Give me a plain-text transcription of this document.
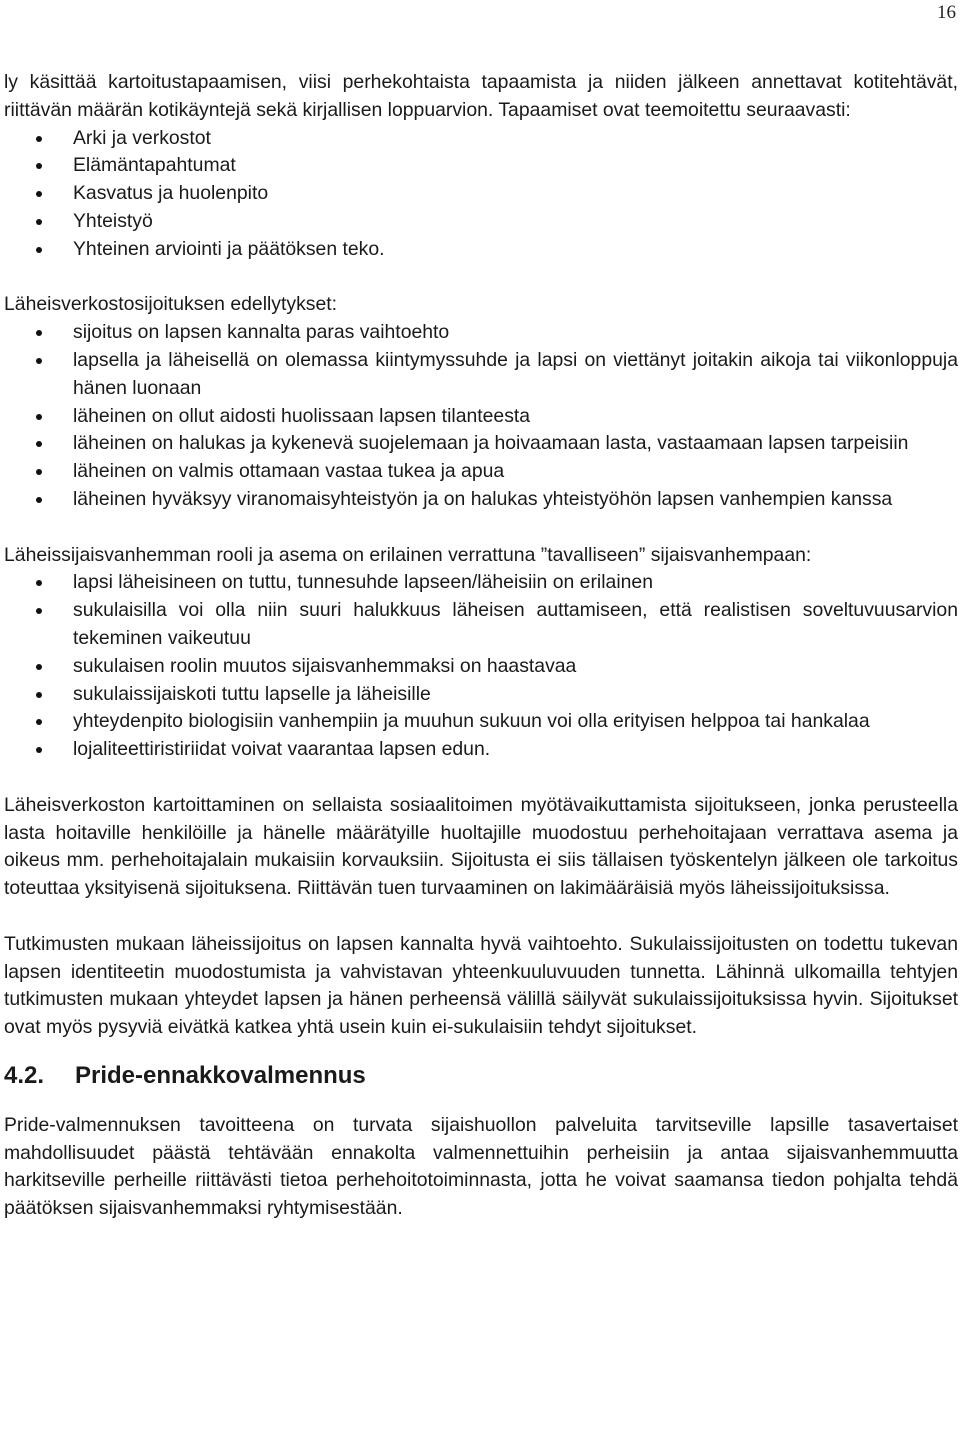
16

ly käsittää kartoitustapaamisen, viisi perhekohtaista tapaamista ja niiden jälkeen annettavat kotitehtävät, riittävän määrän kotikäyntejä sekä kirjallisen loppuarvion. Tapaamiset ovat teemoitettu seuraavasti:

Arki ja verkostot
Elämäntapahtumat
Kasvatus ja huolenpito
Yhteistyö
Yhteinen arviointi ja päätöksen teko.

Läheisverkostosijoituksen edellytykset:

sijoitus on lapsen kannalta paras vaihtoehto
lapsella ja läheisellä on olemassa kiintymyssuhde ja lapsi on viettänyt joitakin aikoja tai viikonloppuja hänen luonaan
läheinen on ollut aidosti huolissaan lapsen tilanteesta
läheinen on halukas ja kykenevä suojelemaan ja hoivaamaan lasta, vastaamaan lapsen tarpeisiin
läheinen on valmis ottamaan vastaa tukea ja apua
läheinen hyväksyy viranomaisyhteistyön ja on halukas yhteistyöhön lapsen vanhempien kanssa

Läheissijaisvanhemman rooli ja asema on erilainen verrattuna ”tavalliseen” sijaisvanhempaan:

lapsi läheisineen on tuttu, tunnesuhde lapseen/läheisiin on erilainen
sukulaisilla voi olla niin suuri halukkuus läheisen auttamiseen, että realistisen soveltuvuusarvion tekeminen vaikeutuu
sukulaisen roolin muutos sijaisvanhemmaksi on haastavaa
sukulaissijaiskoti tuttu lapselle ja läheisille
yhteydenpito biologisiin vanhempiin ja muuhun sukuun voi olla erityisen helppoa tai hankalaa
lojaliteettiristiriidat voivat vaarantaa lapsen edun.

Läheisverkoston kartoittaminen on sellaista sosiaalitoimen myötävaikuttamista sijoitukseen, jonka perusteella lasta hoitaville henkilöille ja hänelle määrätyille huoltajille muodostuu perhehoitajaan verrattava asema ja oikeus mm. perhehoitajalain mukaisiin korvauksiin. Sijoitusta ei siis tällaisen työskentelyn jälkeen ole tarkoitus toteuttaa yksityisenä sijoituksena. Riittävän tuen turvaaminen on lakimääräisiä myös läheissijoituksissa.

Tutkimusten mukaan läheissijoitus on lapsen kannalta hyvä vaihtoehto. Sukulaissijoitusten on todettu tukevan lapsen identiteetin muodostumista ja vahvistavan yhteenkuuluvuuden tunnetta. Lähinnä ulkomailla tehtyjen tutkimusten mukaan yhteydet lapsen ja hänen perheensä välillä säilyvät sukulaissijoituksissa hyvin. Sijoitukset ovat myös pysyviä eivätkä katkea yhtä usein kuin ei-sukulaisiin tehdyt sijoitukset.

4.2. Pride-ennakkovalmennus

Pride-valmennuksen tavoitteena on turvata sijaishuollon palveluita tarvitseville lapsille tasavertaiset mahdollisuudet päästä tehtävään ennakolta valmennettuihin perheisiin ja antaa sijaisvanhemmuutta harkitseville perheille riittävästi tietoa perhehoitotoiminnasta, jotta he voivat saamansa tiedon pohjalta tehdä päätöksen sijaisvanhemmaksi ryhtymisestään.
